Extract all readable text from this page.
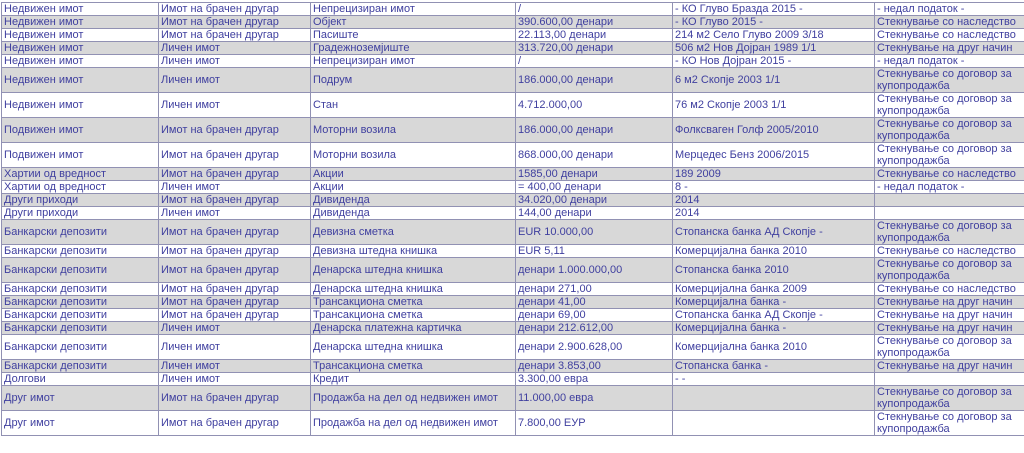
Недвижен имот	Имот на брачен другар	Непрецизиран имот	/	- КО Глуво Бразда 2015 -	- недал податок -
Недвижен имот	Имот на брачен другар	Објект	390.600,00 денари	- КО Глуво 2015 -	Стекнување со наследство
Недвижен имот	Имот на брачен другар	Пасиште	22.113,00 денари	214 м2 Село Глуво 2009 3/18	Стекнување со наследство
Недвижен имот	Личен имот	Градежноземјиште	313.720,00 денари	506 м2 Нов Дојран 1989 1/1	Стекнување на друг начин
Недвижен имот	Личен имот	Непрецизиран имот	/	- КО Нов Дојран 2015 -	- недал податок -
Недвижен имот	Личен имот	Подрум	186.000,00 денари	6 м2 Скопје 2003 1/1	Стекнување со договор за купопродажба
Недвижен имот	Личен имот	Стан	4.712.000,00	76 м2 Скопје 2003 1/1	Стекнување со договор за купопродажба
Подвижен имот	Имот на брачен другар	Моторни возила	186.000,00 денари	Фолксваген Голф 2005/2010	Стекнување со договор за купопродажба
Подвижен имот	Имот на брачен другар	Моторни возила	868.000,00 денари	Мерцедес Бенз 2006/2015	Стекнување со договор за купопродажба
Хартии од вредност	Имот на брачен другар	Акции	1585,00 денари	189 2009	Стекнување со наследство
Хартии од вредност	Личен имот	Акции	= 400,00 денари	8 -	- недал податок -
Други приходи	Имот на брачен другар	Дивиденда	34.020,00 денари	2014	
Други приходи	Личен имот	Дивиденда	144,00 денари	2014	
Банкарски депозити	Имот на брачен другар	Девизна сметка	EUR 10.000,00	Стопанска банка АД Скопје -	Стекнување со договор за купопродажба
Банкарски депозити	Имот на брачен другар	Девизна штедна книшка	EUR 5,11	Комерцијална банка 2010	Стекнување со наследство
Банкарски депозити	Имот на брачен другар	Денарска штедна книшка	денари 1.000.000,00	Стопанска банка 2010	Стекнување со договор за купопродажба
Банкарски депозити	Имот на брачен другар	Денарска штедна книшка	денари 271,00	Комерцијална банка 2009	Стекнување со наследство
Банкарски депозити	Имот на брачен другар	Трансакциона сметка	денари 41,00	Комерцијална банка -	Стекнување на друг начин
Банкарски депозити	Имот на брачен другар	Трансакциона сметка	денари 69,00	Стопанска банка АД Скопје -	Стекнување на друг начин
Банкарски депозити	Личен имот	Денарска платежна картичка	денари 212.612,00	Комерцијална банка -	Стекнување на друг начин
Банкарски депозити	Личен имот	Денарска штедна книшка	денари 2.900.628,00	Комерцијална банка 2010	Стекнување со договор за купопродажба
Банкарски депозити	Личен имот	Трансакциона сметка	денари 3.853,00	Стопанска банка -	Стекнување на друг начин
Долгови	Личен имот	Кредит	3.300,00 евра	- -	
Друг имот	Имот на брачен другар	Продажба на дел од недвижен имот	11.000,00 евра		Стекнување со договор за купопродажба
Друг имот	Имот на брачен другар	Продажба на дел од недвижен имот	7.800,00 ЕУР		Стекнување со договор за купопродажба
